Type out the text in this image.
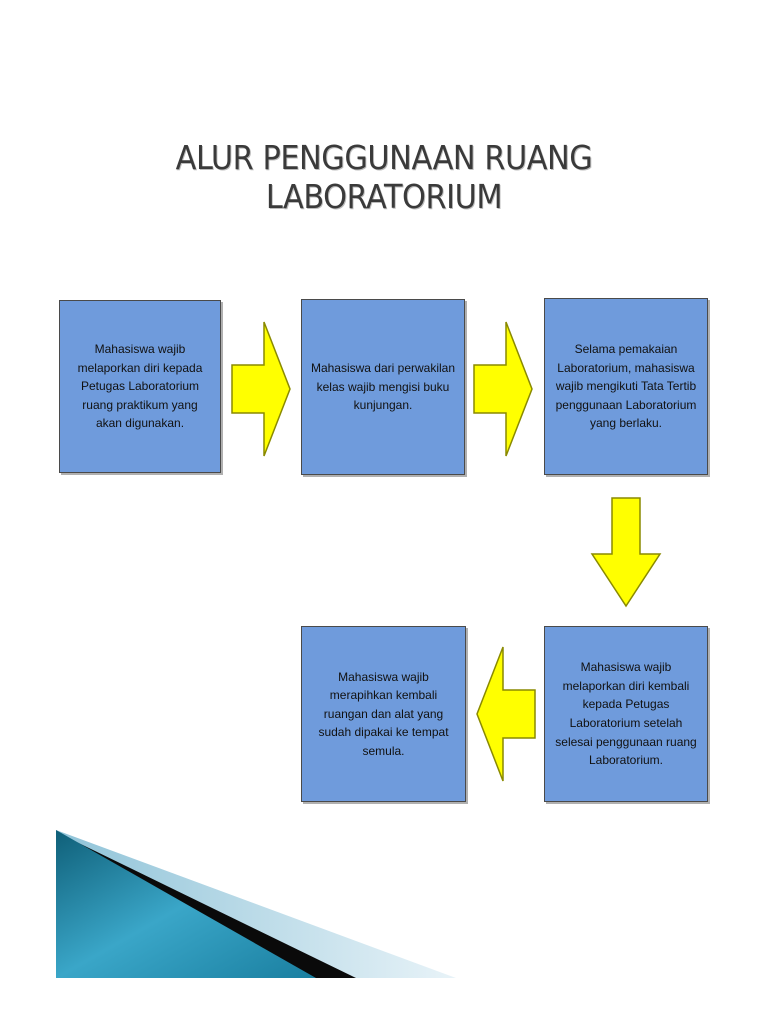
ALUR PENGGUNAAN RUANG LABORATORIUM
Mahasiswa wajib melaporkan diri kepada Petugas Laboratorium ruang praktikum yang akan digunakan.
Mahasiswa dari perwakilan kelas wajib mengisi buku kunjungan.
Selama pemakaian Laboratorium, mahasiswa wajib mengikuti Tata Tertib penggunaan Laboratorium yang berlaku.
Mahasiswa wajib merapihkan kembali ruangan dan alat yang sudah dipakai ke tempat semula.
Mahasiswa wajib melaporkan diri kembali kepada Petugas Laboratorium setelah selesai penggunaan ruang Laboratorium.
